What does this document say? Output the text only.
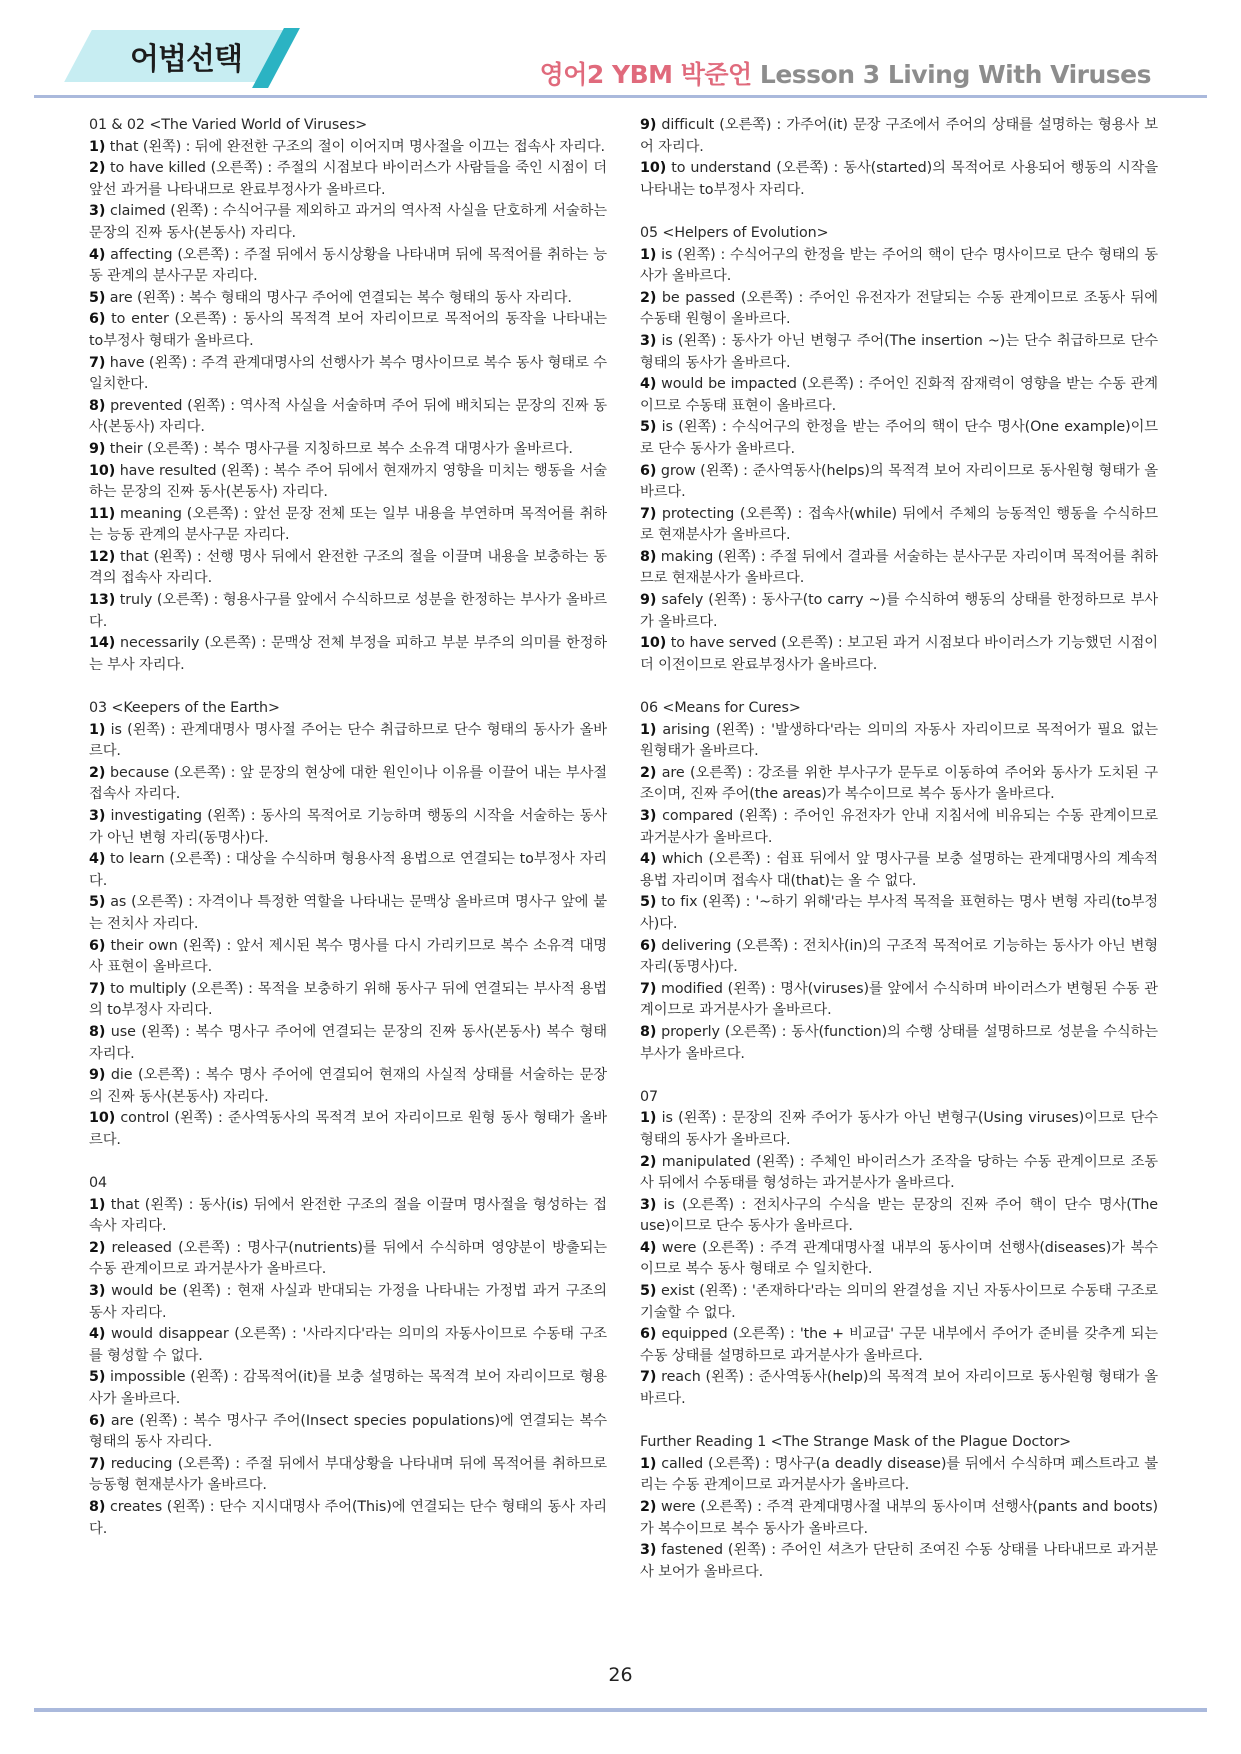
어법선택	영어2 YBM 박준언 Lesson 3 Living With Viruses

01 & 02 <The Varied World of Viruses>

1) that (왼쪽) : 뒤에 완전한 구조의 절이 이어지며 명사절을 이끄는 접속사 자리다.

2) to have killed (오른쪽) : 주절의 시점보다 바이러스가 사람들을 죽인 시점이 더 앞선 과거를 나타내므로 완료부정사가 올바르다.

3) claimed (왼쪽) : 수식어구를 제외하고 과거의 역사적 사실을 단호하게 서술하는 문장의 진짜 동사(본동사) 자리다.

4) affecting (오른쪽) : 주절 뒤에서 동시상황을 나타내며 뒤에 목적어를 취하는 능동 관계의 분사구문 자리다.

5) are (왼쪽) : 복수 형태의 명사구 주어에 연결되는 복수 형태의 동사 자리다.

6) to enter (오른쪽) : 동사의 목적격 보어 자리이므로 목적어의 동작을 나타내는 to부정사 형태가 올바르다.

7) have (왼쪽) : 주격 관계대명사의 선행사가 복수 명사이므로 복수 동사 형태로 수 일치한다.

8) prevented (왼쪽) : 역사적 사실을 서술하며 주어 뒤에 배치되는 문장의 진짜 동사(본동사) 자리다.

9) their (오른쪽) : 복수 명사구를 지칭하므로 복수 소유격 대명사가 올바르다.

10) have resulted (왼쪽) : 복수 주어 뒤에서 현재까지 영향을 미치는 행동을 서술하는 문장의 진짜 동사(본동사) 자리다.

11) meaning (오른쪽) : 앞선 문장 전체 또는 일부 내용을 부연하며 목적어를 취하는 능동 관계의 분사구문 자리다.

12) that (왼쪽) : 선행 명사 뒤에서 완전한 구조의 절을 이끌며 내용을 보충하는 동격의 접속사 자리다.

13) truly (오른쪽) : 형용사구를 앞에서 수식하므로 성분을 한정하는 부사가 올바르다.

14) necessarily (오른쪽) : 문맥상 전체 부정을 피하고 부분 부주의 의미를 한정하는 부사 자리다.

03 <Keepers of the Earth>

1) is (왼쪽) : 관계대명사 명사절 주어는 단수 취급하므로 단수 형태의 동사가 올바르다.

2) because (오른쪽) : 앞 문장의 현상에 대한 원인이나 이유를 이끌어 내는 부사절 접속사 자리다.

3) investigating (왼쪽) : 동사의 목적어로 기능하며 행동의 시작을 서술하는 동사가 아닌 변형 자리(동명사)다.

4) to learn (오른쪽) : 대상을 수식하며 형용사적 용법으로 연결되는 to부정사 자리다.

5) as (오른쪽) : 자격이나 특정한 역할을 나타내는 문맥상 올바르며 명사구 앞에 붙는 전치사 자리다.

6) their own (왼쪽) : 앞서 제시된 복수 명사를 다시 가리키므로 복수 소유격 대명사 표현이 올바르다.

7) to multiply (오른쪽) : 목적을 보충하기 위해 동사구 뒤에 연결되는 부사적 용법의 to부정사 자리다.

8) use (왼쪽) : 복수 명사구 주어에 연결되는 문장의 진짜 동사(본동사) 복수 형태 자리다.

9) die (오른쪽) : 복수 명사 주어에 연결되어 현재의 사실적 상태를 서술하는 문장의 진짜 동사(본동사) 자리다.

10) control (왼쪽) : 준사역동사의 목적격 보어 자리이므로 원형 동사 형태가 올바르다.

04

1) that (왼쪽) : 동사(is) 뒤에서 완전한 구조의 절을 이끌며 명사절을 형성하는 접속사 자리다.

2) released (오른쪽) : 명사구(nutrients)를 뒤에서 수식하며 영양분이 방출되는 수동 관계이므로 과거분사가 올바르다.

3) would be (왼쪽) : 현재 사실과 반대되는 가정을 나타내는 가정법 과거 구조의 동사 자리다.

4) would disappear (오른쪽) : '사라지다'라는 의미의 자동사이므로 수동태 구조를 형성할 수 없다.

5) impossible (왼쪽) : 감목적어(it)를 보충 설명하는 목적격 보어 자리이므로 형용사가 올바르다.

6) are (왼쪽) : 복수 명사구 주어(Insect species populations)에 연결되는 복수 형태의 동사 자리다.

7) reducing (오른쪽) : 주절 뒤에서 부대상황을 나타내며 뒤에 목적어를 취하므로 능동형 현재분사가 올바르다.

8) creates (왼쪽) : 단수 지시대명사 주어(This)에 연결되는 단수 형태의 동사 자리다.

9) difficult (오른쪽) : 가주어(it) 문장 구조에서 주어의 상태를 설명하는 형용사 보어 자리다.

10) to understand (오른쪽) : 동사(started)의 목적어로 사용되어 행동의 시작을 나타내는 to부정사 자리다.

05 <Helpers of Evolution>

1) is (왼쪽) : 수식어구의 한정을 받는 주어의 핵이 단수 명사이므로 단수 형태의 동사가 올바르다.

2) be passed (오른쪽) : 주어인 유전자가 전달되는 수동 관계이므로 조동사 뒤에 수동태 원형이 올바르다.

3) is (왼쪽) : 동사가 아닌 변형구 주어(The insertion ~)는 단수 취급하므로 단수 형태의 동사가 올바르다.

4) would be impacted (오른쪽) : 주어인 진화적 잠재력이 영향을 받는 수동 관계이므로 수동태 표현이 올바르다.

5) is (왼쪽) : 수식어구의 한정을 받는 주어의 핵이 단수 명사(One example)이므로 단수 동사가 올바르다.

6) grow (왼쪽) : 준사역동사(helps)의 목적격 보어 자리이므로 동사원형 형태가 올바르다.

7) protecting (오른쪽) : 접속사(while) 뒤에서 주체의 능동적인 행동을 수식하므로 현재분사가 올바르다.

8) making (왼쪽) : 주절 뒤에서 결과를 서술하는 분사구문 자리이며 목적어를 취하므로 현재분사가 올바르다.

9) safely (왼쪽) : 동사구(to carry ~)를 수식하여 행동의 상태를 한정하므로 부사가 올바르다.

10) to have served (오른쪽) : 보고된 과거 시점보다 바이러스가 기능했던 시점이 더 이전이므로 완료부정사가 올바르다.

06 <Means for Cures>

1) arising (왼쪽) : '발생하다'라는 의미의 자동사 자리이므로 목적어가 필요 없는 원형태가 올바르다.

2) are (오른쪽) : 강조를 위한 부사구가 문두로 이동하여 주어와 동사가 도치된 구조이며, 진짜 주어(the areas)가 복수이므로 복수 동사가 올바르다.

3) compared (왼쪽) : 주어인 유전자가 안내 지침서에 비유되는 수동 관계이므로 과거분사가 올바르다.

4) which (오른쪽) : 쉼표 뒤에서 앞 명사구를 보충 설명하는 관계대명사의 계속적 용법 자리이며 접속사 대(that)는 올 수 없다.

5) to fix (왼쪽) : '~하기 위해'라는 부사적 목적을 표현하는 명사 변형 자리(to부정사)다.

6) delivering (오른쪽) : 전치사(in)의 구조적 목적어로 기능하는 동사가 아닌 변형 자리(동명사)다.

7) modified (왼쪽) : 명사(viruses)를 앞에서 수식하며 바이러스가 변형된 수동 관계이므로 과거분사가 올바르다.

8) properly (오른쪽) : 동사(function)의 수행 상태를 설명하므로 성분을 수식하는 부사가 올바르다.

07

1) is (왼쪽) : 문장의 진짜 주어가 동사가 아닌 변형구(Using viruses)이므로 단수 형태의 동사가 올바르다.

2) manipulated (왼쪽) : 주체인 바이러스가 조작을 당하는 수동 관계이므로 조동사 뒤에서 수동태를 형성하는 과거분사가 올바르다.

3) is (오른쪽) : 전치사구의 수식을 받는 문장의 진짜 주어 핵이 단수 명사(The use)이므로 단수 동사가 올바르다.

4) were (오른쪽) : 주격 관계대명사절 내부의 동사이며 선행사(diseases)가 복수이므로 복수 동사 형태로 수 일치한다.

5) exist (왼쪽) : '존재하다'라는 의미의 완결성을 지닌 자동사이므로 수동태 구조로 기술할 수 없다.

6) equipped (오른쪽) : 'the + 비교급' 구문 내부에서 주어가 준비를 갖추게 되는 수동 상태를 설명하므로 과거분사가 올바르다.

7) reach (왼쪽) : 준사역동사(help)의 목적격 보어 자리이므로 동사원형 형태가 올바르다.

Further Reading 1 <The Strange Mask of the Plague Doctor>

1) called (오른쪽) : 명사구(a deadly disease)를 뒤에서 수식하며 페스트라고 불리는 수동 관계이므로 과거분사가 올바르다.

2) were (오른쪽) : 주격 관계대명사절 내부의 동사이며 선행사(pants and boots)가 복수이므로 복수 동사가 올바르다.

3) fastened (왼쪽) : 주어인 셔츠가 단단히 조여진 수동 상태를 나타내므로 과거분사 보어가 올바르다.

26
